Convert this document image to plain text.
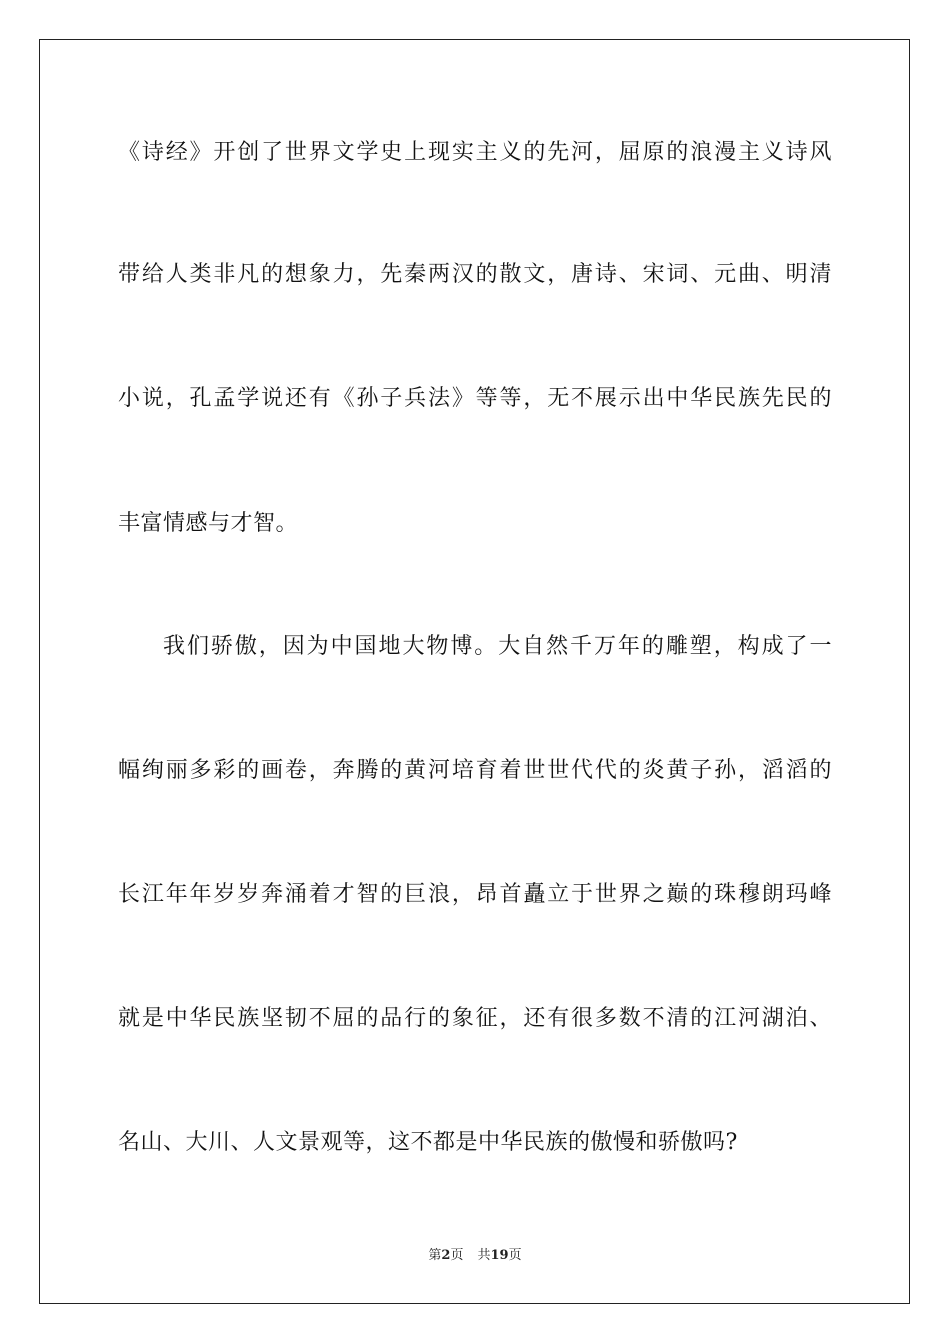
《诗经》开创了世界文学史上现实主义的先河，屈原的浪漫主义诗风
带给人类非凡的想象力，先秦两汉的散文，唐诗、宋词、元曲、明清
小说，孔孟学说还有《孙子兵法》等等，无不展示出中华民族先民的
丰富情感与才智。
我们骄傲，因为中国地大物博。大自然千万年的雕塑，构成了一
幅绚丽多彩的画卷，奔腾的黄河培育着世世代代的炎黄子孙，滔滔的
长江年年岁岁奔涌着才智的巨浪，昂首矗立于世界之巅的珠穆朗玛峰
就是中华民族坚韧不屈的品行的象征，还有很多数不清的江河湖泊、
名山、大川、人文景观等，这不都是中华民族的傲慢和骄傲吗?
第2页 共19页
